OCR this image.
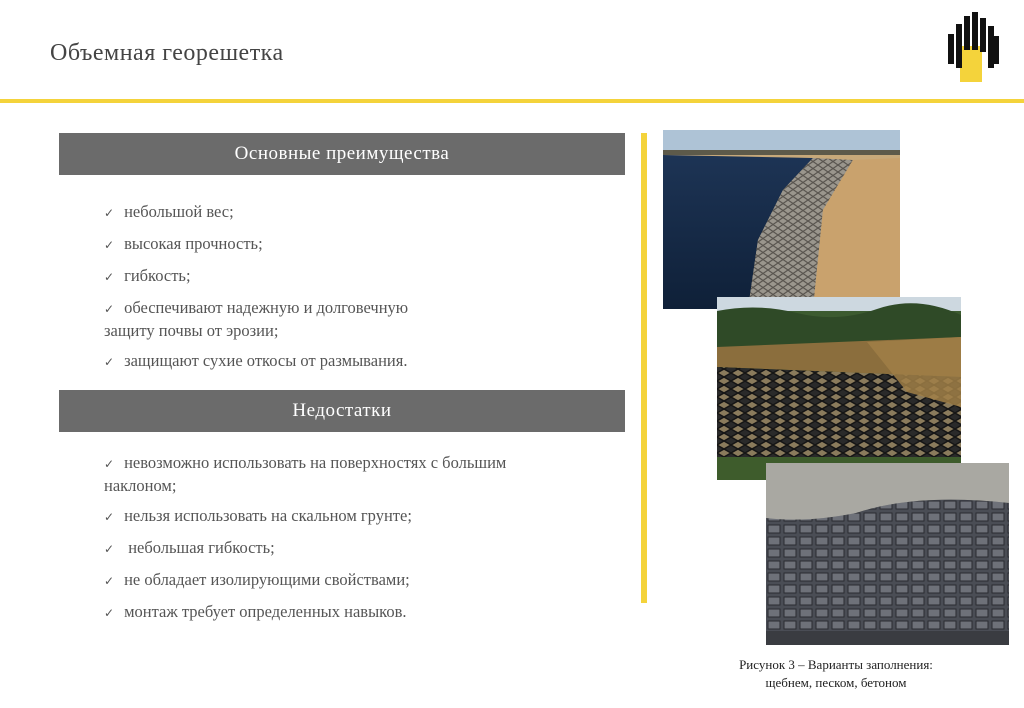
Объемная георешетка
Основные преимущества
✓ небольшой вес;
✓ высокая прочность;
✓ гибкость;
✓ обеспечивают надежную и долговечную
защиту почвы от эрозии;
✓ защищают сухие откосы от размывания.
Недостатки
✓ невозможно использовать на поверхностях с большим
наклоном;
✓ нельзя использовать на скальном грунте;
✓ небольшая гибкость;
✓ не обладает изолирующими свойствами;
✓ монтаж требует определенных навыков.
Рисунок 3 – Варианты заполнения:
щебнем, песком, бетоном
